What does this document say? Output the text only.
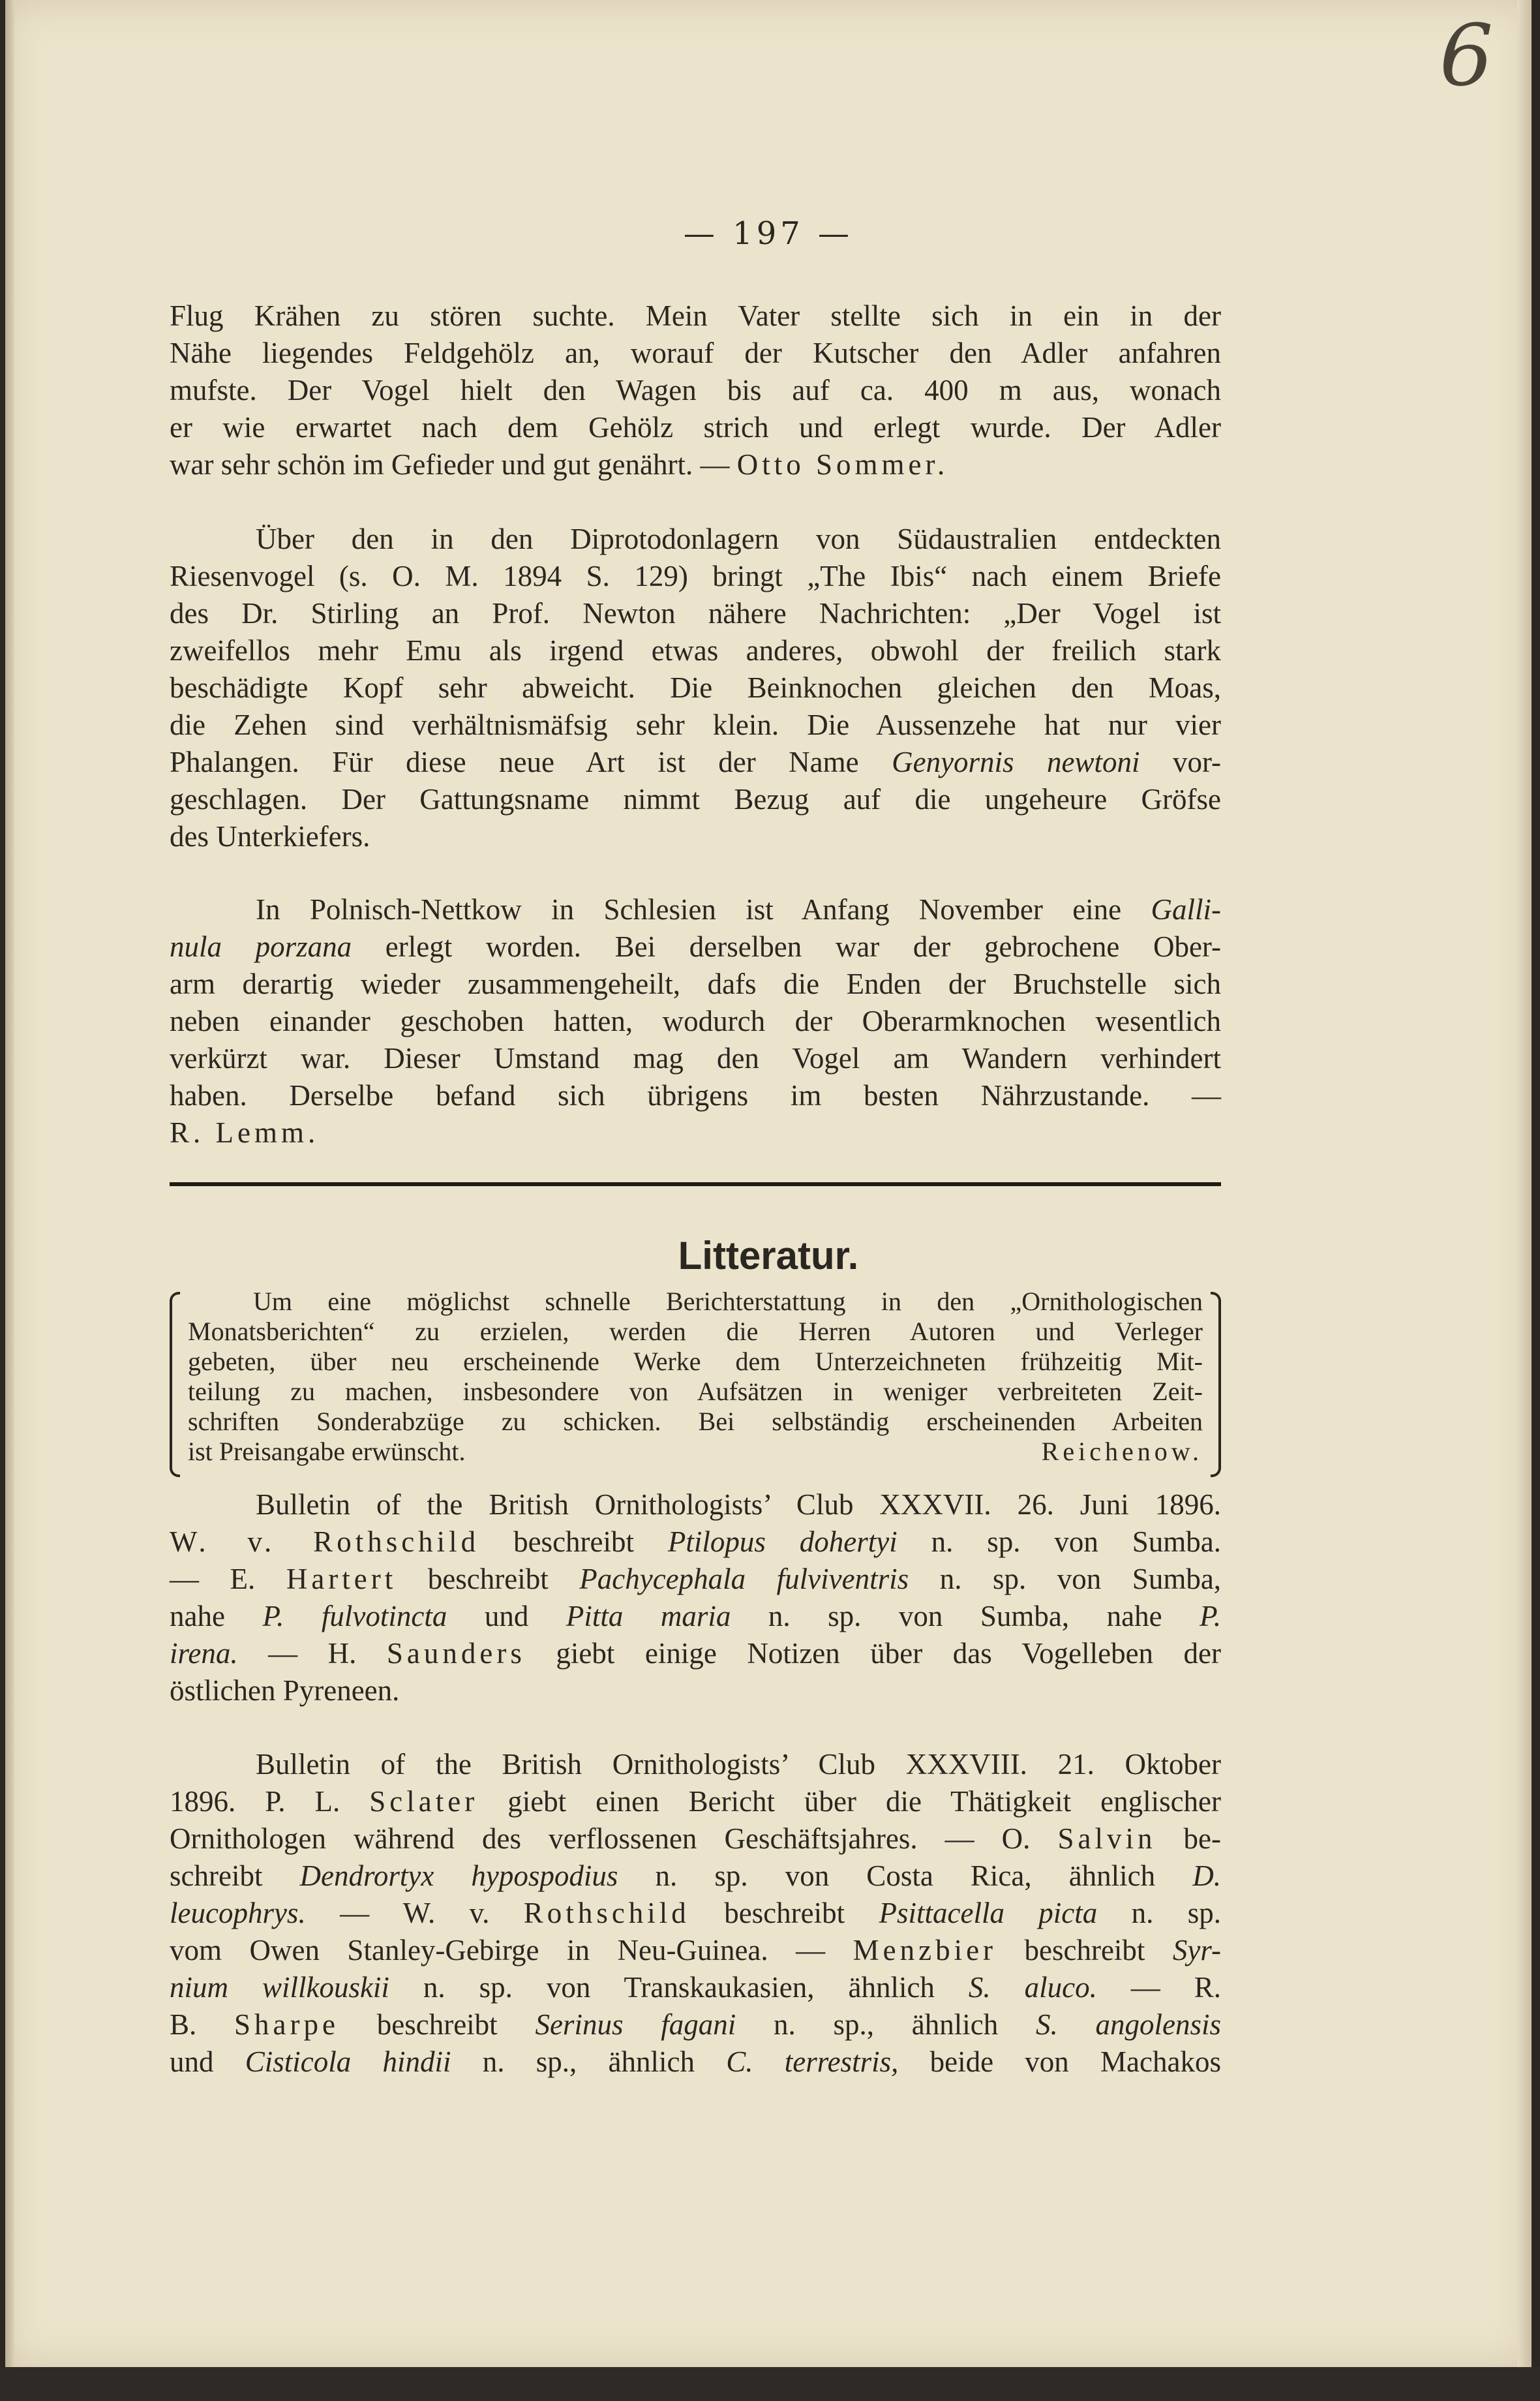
6
— 197 —
Flug Krähen zu stören suchte. Mein Vater stellte sich in ein in der
Nähe liegendes Feldgehölz an, worauf der Kutscher den Adler anfahren
mufste. Der Vogel hielt den Wagen bis auf ca. 400 m aus, wonach
er wie erwartet nach dem Gehölz strich und erlegt wurde. Der Adler
war sehr schön im Gefieder und gut genährt. — Otto Sommer.
Über den in den Diprotodonlagern von Südaustralien entdeckten
Riesenvogel (s. O. M. 1894 S. 129) bringt „The Ibis“ nach einem Briefe
des Dr. Stirling an Prof. Newton nähere Nachrichten: „Der Vogel ist
zweifellos mehr Emu als irgend etwas anderes, obwohl der freilich stark
beschädigte Kopf sehr abweicht. Die Beinknochen gleichen den Moas,
die Zehen sind verhältnismäfsig sehr klein. Die Aussenzehe hat nur vier
Phalangen. Für diese neue Art ist der Name Genyornis newtoni vor-
geschlagen. Der Gattungsname nimmt Bezug auf die ungeheure Gröfse
des Unterkiefers.
In Polnisch-Nettkow in Schlesien ist Anfang November eine Galli-
nula porzana erlegt worden. Bei derselben war der gebrochene Ober-
arm derartig wieder zusammengeheilt, dafs die Enden der Bruchstelle sich
neben einander geschoben hatten, wodurch der Oberarmknochen wesentlich
verkürzt war. Dieser Umstand mag den Vogel am Wandern verhindert
haben. Derselbe befand sich übrigens im besten Nährzustande. —
R. Lemm.
Litteratur.
Um eine möglichst schnelle Berichterstattung in den „Ornithologischen
Monatsberichten“ zu erzielen, werden die Herren Autoren und Verleger
gebeten, über neu erscheinende Werke dem Unterzeichneten frühzeitig Mit-
teilung zu machen, insbesondere von Aufsätzen in weniger verbreiteten Zeit-
schriften Sonderabzüge zu schicken. Bei selbständig erscheinenden Arbeiten
ist Preisangabe erwünscht.	Reichenow.
Bulletin of the British Ornithologists’ Club XXXVII. 26. Juni 1896.
W. v. Rothschild beschreibt Ptilopus dohertyi n. sp. von Sumba.
— E. Hartert beschreibt Pachycephala fulviventris n. sp. von Sumba,
nahe P. fulvotincta und Pitta maria n. sp. von Sumba, nahe P.
irena. — H. Saunders giebt einige Notizen über das Vogelleben der
östlichen Pyreneen.
Bulletin of the British Ornithologists’ Club XXXVIII. 21. Oktober
1896. P. L. Sclater giebt einen Bericht über die Thätigkeit englischer
Ornithologen während des verflossenen Geschäftsjahres. — O. Salvin be-
schreibt Dendrortyx hypospodius n. sp. von Costa Rica, ähnlich D.
leucophrys. — W. v. Rothschild beschreibt Psittacella picta n. sp.
vom Owen Stanley-Gebirge in Neu-Guinea. — Menzbier beschreibt Syr-
nium willkouskii n. sp. von Transkaukasien, ähnlich S. aluco. — R.
B. Sharpe beschreibt Serinus fagani n. sp., ähnlich S. angolensis
und Cisticola hindii n. sp., ähnlich C. terrestris, beide von Machakos
